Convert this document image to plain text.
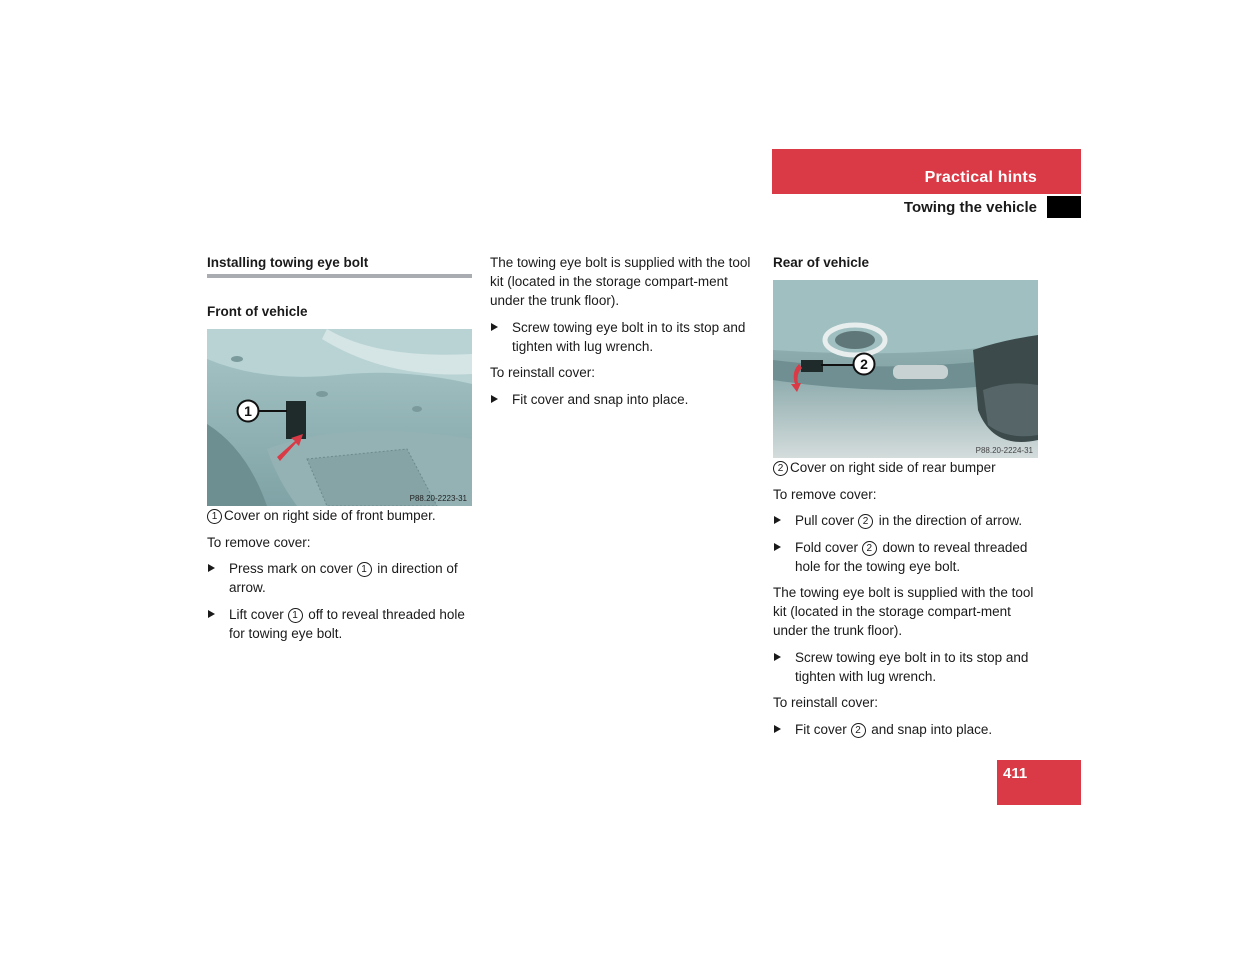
Practical hints
Towing the vehicle
Installing towing eye bolt
Front of vehicle
1
P88.20-2223-31

1 Cover on right side of front bumper.

To remove cover:

Press mark on cover 1 in direction of arrow.
Lift cover 1 off to reveal threaded hole for towing eye bolt.

The towing eye bolt is supplied with the tool kit (located in the storage compart-ment under the trunk floor).

Screw towing eye bolt in to its stop and tighten with lug wrench.

To reinstall cover:

Fit cover and snap into place.
Rear of vehicle
2
P88.20-2224-31

2 Cover on right side of rear bumper

To remove cover:

Pull cover 2 in the direction of arrow.
Fold cover 2 down to reveal threaded hole for the towing eye bolt.

The towing eye bolt is supplied with the tool kit (located in the storage compart-ment under the trunk floor).

Screw towing eye bolt in to its stop and tighten with lug wrench.

To reinstall cover:

Fit cover 2 and snap into place.
411
